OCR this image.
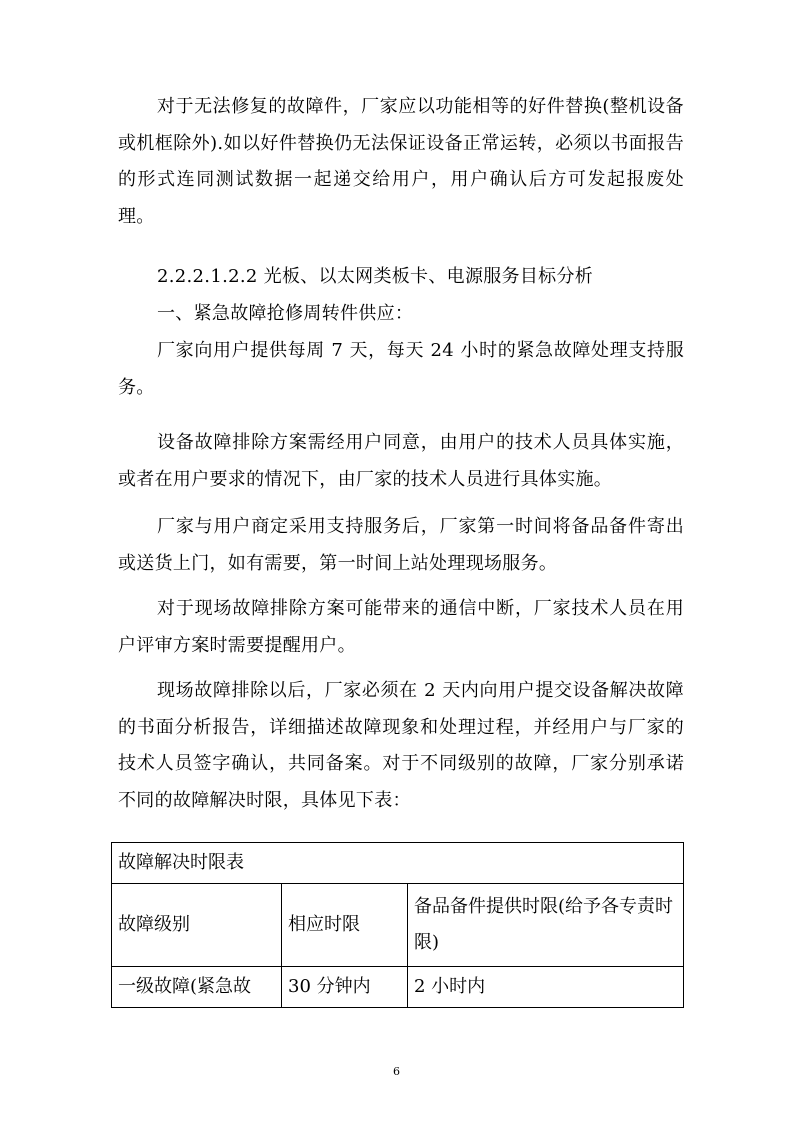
对于无法修复的故障件，厂家应以功能相等的好件替换(整机设备或机框除外).如以好件替换仍无法保证设备正常运转，必须以书面报告的形式连同测试数据一起递交给用户，用户确认后方可发起报废处理。

2.2.2.1.2.2 光板、以太网类板卡、电源服务目标分析

一、紧急故障抢修周转件供应：

厂家向用户提供每周 7 天，每天 24 小时的紧急故障处理支持服务。

设备故障排除方案需经用户同意，由用户的技术人员具体实施，或者在用户要求的情况下，由厂家的技术人员进行具体实施。

厂家与用户商定采用支持服务后，厂家第一时间将备品备件寄出或送货上门，如有需要，第一时间上站处理现场服务。

对于现场故障排除方案可能带来的通信中断，厂家技术人员在用户评审方案时需要提醒用户。

现场故障排除以后，厂家必须在 2 天内向用户提交设备解决故障的书面分析报告，详细描述故障现象和处理过程，并经用户与厂家的技术人员签字确认，共同备案。对于不同级别的故障，厂家分别承诺不同的故障解决时限，具体见下表：

故障解决时限表		
故障级别	相应时限	备品备件提供时限(给予各专责时限)
一级故障(紧急故	30 分钟内	2 小时内
6
